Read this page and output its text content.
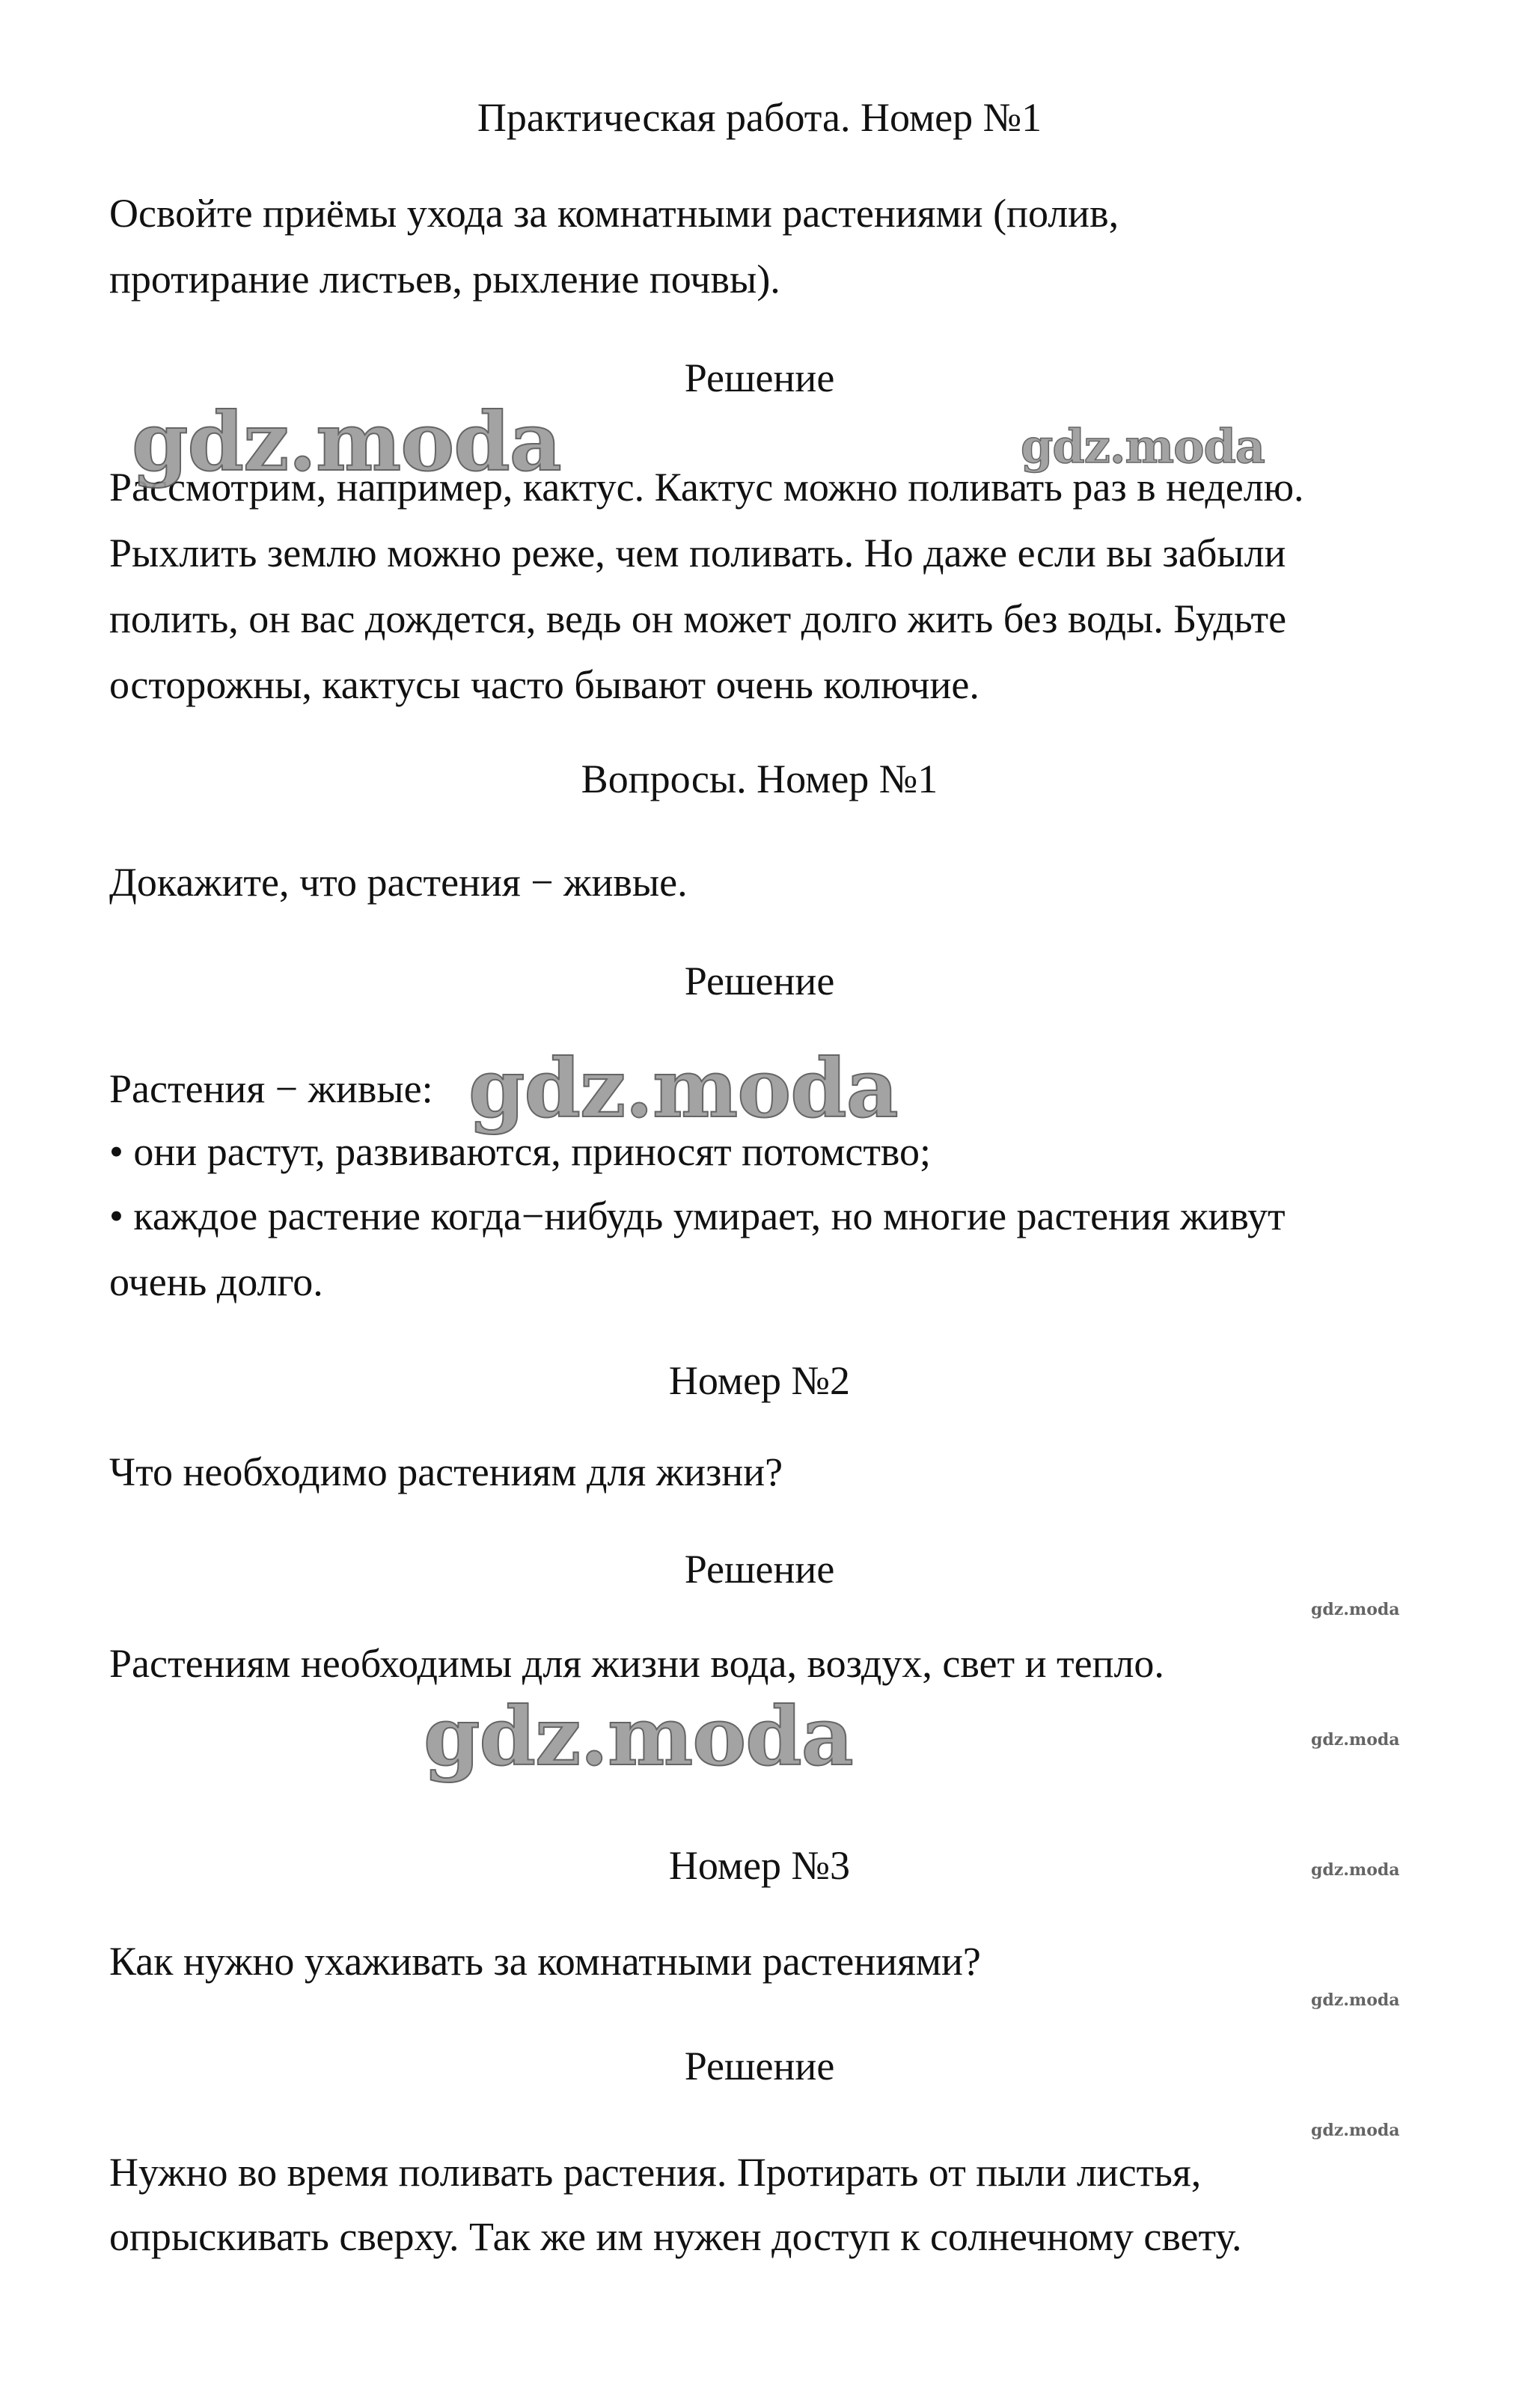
Практическая работа. Номер №1
Освойте приёмы ухода за комнатными растениями (полив,
протирание листьев, рыхление почвы).
Решение
Рассмотрим, например, кактус. Кактус можно поливать раз в неделю.
Рыхлить землю можно реже, чем поливать. Но даже если вы забыли
полить, он вас дождется, ведь он может долго жить без воды. Будьте
осторожны, кактусы часто бывают очень колючие.
Вопросы. Номер №1
Докажите, что растения − живые.
Решение
Растения − живые:
• они растут, развиваются, приносят потомство;
• каждое растение когда−нибудь умирает, но многие растения живут
очень долго.
Номер №2
Что необходимо растениям для жизни?
Решение
Растениям необходимы для жизни вода, воздух, свет и тепло.
Номер №3
Как нужно ухаживать за комнатными растениями?
Решение
Нужно во время поливать растения. Протирать от пыли листья,
опрыскивать сверху. Так же им нужен доступ к солнечному свету.
gdz.moda	gdz.moda
gdz.moda
gdz.moda
gdz.moda
gdz.moda
gdz.moda
gdz.moda
gdz.moda
